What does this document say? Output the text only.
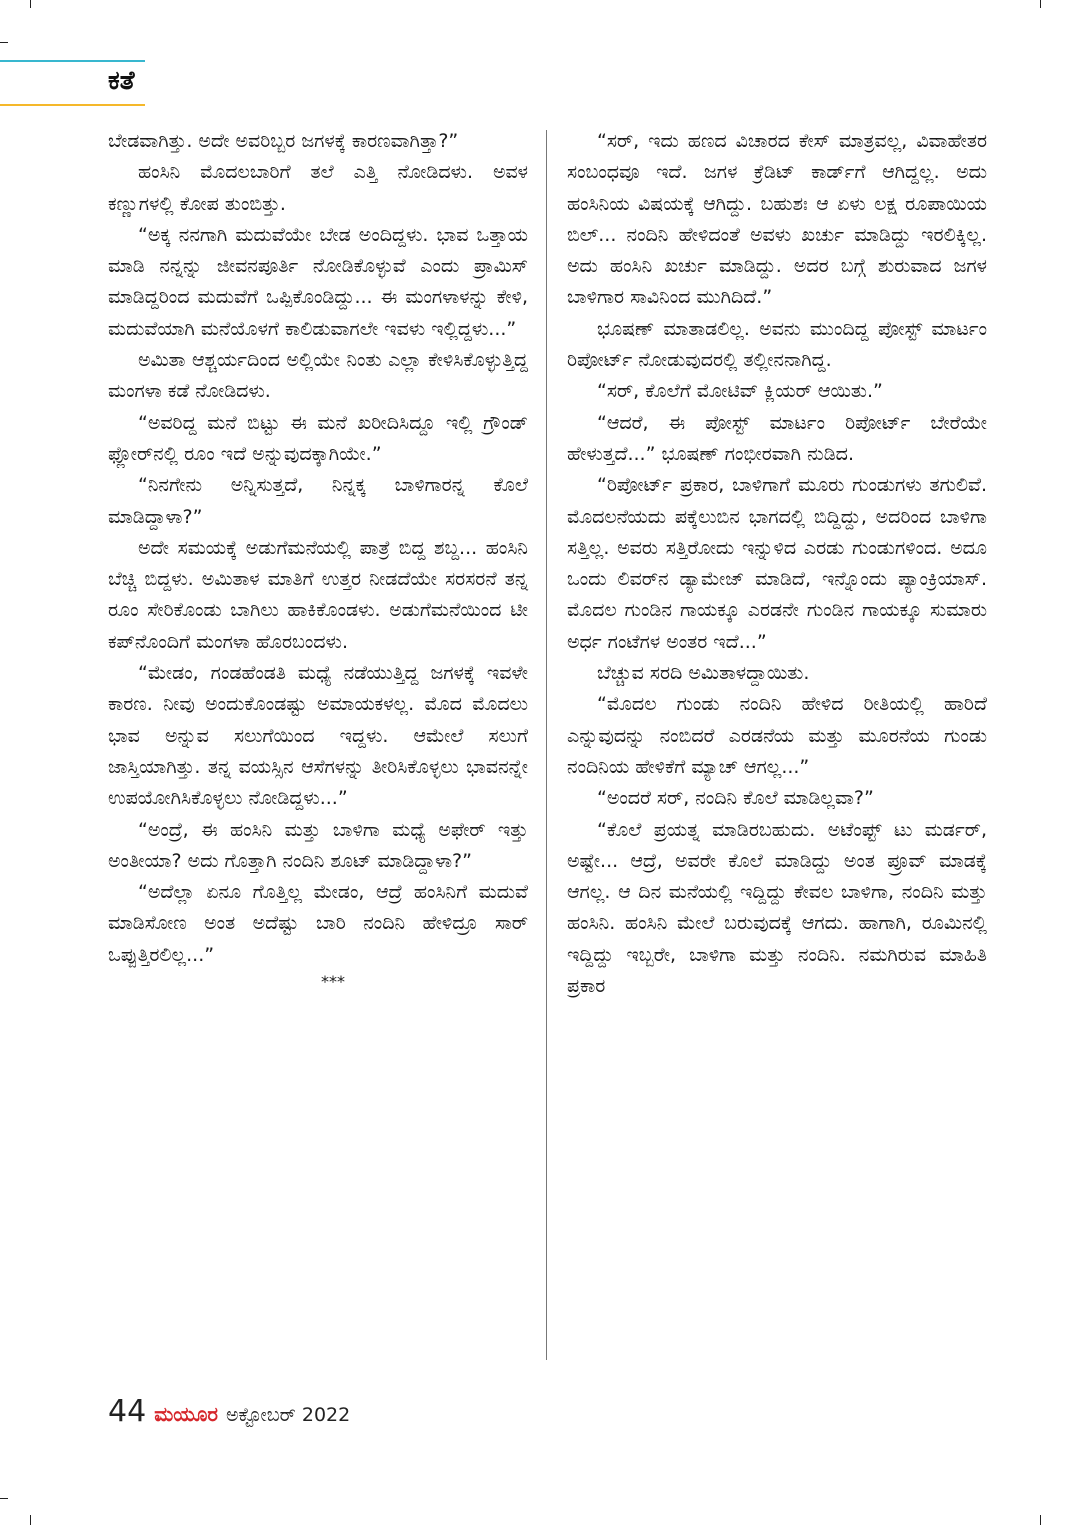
ಕತೆ

ಬೇಡವಾಗಿತ್ತು. ಅದೇ ಅವರಿಬ್ಬರ ಜಗಳಕ್ಕೆ ಕಾರಣವಾಗಿತ್ತಾ?”

ಹಂಸಿನಿ ಮೊದಲಬಾರಿಗೆ ತಲೆ ಎತ್ತಿ ನೋಡಿದಳು. ಅವಳ ಕಣ್ಣುಗಳಲ್ಲಿ ಕೋಪ ತುಂಬಿತ್ತು.

“ಅಕ್ಕ ನನಗಾಗಿ ಮದುವೆಯೇ ಬೇಡ ಅಂದಿದ್ದಳು. ಭಾವ ಒತ್ತಾಯ ಮಾಡಿ ನನ್ನನ್ನು ಜೀವನಪೂರ್ತಿ ನೋಡಿಕೊಳ್ಳುವೆ ಎಂದು ಪ್ರಾಮಿಸ್ ಮಾಡಿದ್ದರಿಂದ ಮದುವೆಗೆ ಒಪ್ಪಿಕೊಂಡಿದ್ದು... ಈ ಮಂಗಳಾಳನ್ನು ಕೇಳಿ, ಮದುವೆಯಾಗಿ ಮನೆಯೊಳಗೆ ಕಾಲಿಡುವಾಗಲೇ ಇವಳು ಇಲ್ಲಿದ್ದಳು...”

ಅಮಿತಾ ಆಶ್ಚರ್ಯದಿಂದ ಅಲ್ಲಿಯೇ ನಿಂತು ಎಲ್ಲಾ ಕೇಳಿಸಿಕೊಳ್ಳುತ್ತಿದ್ದ ಮಂಗಳಾ ಕಡೆ ನೋಡಿದಳು.

“ಅವರಿದ್ದ ಮನೆ ಬಿಟ್ಟು ಈ ಮನೆ ಖರೀದಿಸಿದ್ದೂ ಇಲ್ಲಿ ಗ್ರೌಂಡ್ ಫ್ಲೋರ್‌ನಲ್ಲಿ ರೂಂ ಇದೆ ಅನ್ನುವುದಕ್ಕಾಗಿಯೇ.”

“ನಿನಗೇನು ಅನ್ನಿಸುತ್ತದೆ, ನಿನ್ನಕ್ಕ ಬಾಳಿಗಾರನ್ನ ಕೊಲೆ ಮಾಡಿದ್ದಾಳಾ?”

ಅದೇ ಸಮಯಕ್ಕೆ ಅಡುಗೆಮನೆಯಲ್ಲಿ ಪಾತ್ರೆ ಬಿದ್ದ ಶಬ್ದ... ಹಂಸಿನಿ ಬೆಚ್ಚಿ ಬಿದ್ದಳು. ಅಮಿತಾಳ ಮಾತಿಗೆ ಉತ್ತರ ನೀಡದೆಯೇ ಸರಸರನೆ ತನ್ನ ರೂಂ ಸೇರಿಕೊಂಡು ಬಾಗಿಲು ಹಾಕಿಕೊಂಡಳು. ಅಡುಗೆಮನೆಯಿಂದ ಟೀ ಕಪ್‌ನೊಂದಿಗೆ ಮಂಗಳಾ ಹೊರಬಂದಳು.

“ಮೇಡಂ, ಗಂಡಹೆಂಡತಿ ಮಧ್ಯೆ ನಡೆಯುತ್ತಿದ್ದ ಜಗಳಕ್ಕೆ ಇವಳೇ ಕಾರಣ. ನೀವು ಅಂದುಕೊಂಡಷ್ಟು ಅಮಾಯಕಳಲ್ಲ. ಮೊದ ಮೊದಲು ಭಾವ ಅನ್ನುವ ಸಲುಗೆಯಿಂದ ಇದ್ದಳು. ಆಮೇಲೆ ಸಲುಗೆ ಜಾಸ್ತಿಯಾಗಿತ್ತು. ತನ್ನ ವಯಸ್ಸಿನ ಆಸೆಗಳನ್ನು ತೀರಿಸಿಕೊಳ್ಳಲು ಭಾವನನ್ನೇ ಉಪಯೋಗಿಸಿಕೊಳ್ಳಲು ನೋಡಿದ್ದಳು...”

“ಅಂದ್ರೆ, ಈ ಹಂಸಿನಿ ಮತ್ತು ಬಾಳಿಗಾ ಮಧ್ಯೆ ಅಫೇರ್ ಇತ್ತು ಅಂತೀಯಾ? ಅದು ಗೊತ್ತಾಗಿ ನಂದಿನಿ ಶೂಟ್ ಮಾಡಿದ್ದಾಳಾ?”

“ಅದೆಲ್ಲಾ ಏನೂ ಗೊತ್ತಿಲ್ಲ ಮೇಡಂ, ಆದ್ರೆ ಹಂಸಿನಿಗೆ ಮದುವೆ ಮಾಡಿಸೋಣ ಅಂತ ಅದೆಷ್ಟು ಬಾರಿ ನಂದಿನಿ ಹೇಳಿದ್ರೂ ಸಾರ್ ಒಪ್ಪುತ್ತಿರಲಿಲ್ಲ...”

***

“ಸರ್, ಇದು ಹಣದ ವಿಚಾರದ ಕೇಸ್ ಮಾತ್ರವಲ್ಲ, ವಿವಾಹೇತರ ಸಂಬಂಧವೂ ಇದೆ. ಜಗಳ ಕ್ರೆಡಿಟ್ ಕಾರ್ಡ್‌ಗೆ ಆಗಿದ್ದಲ್ಲ. ಅದು ಹಂಸಿನಿಯ ವಿಷಯಕ್ಕೆ ಆಗಿದ್ದು. ಬಹುಶಃ ಆ ಏಳು ಲಕ್ಷ ರೂಪಾಯಿಯ ಬಿಲ್... ನಂದಿನಿ ಹೇಳಿದಂತೆ ಅವಳು ಖರ್ಚು ಮಾಡಿದ್ದು ಇರಲಿಕ್ಕಿಲ್ಲ. ಅದು ಹಂಸಿನಿ ಖರ್ಚು ಮಾಡಿದ್ದು. ಅದರ ಬಗ್ಗೆ ಶುರುವಾದ ಜಗಳ ಬಾಳಿಗಾರ ಸಾವಿನಿಂದ ಮುಗಿದಿದೆ.”

ಭೂಷಣ್ ಮಾತಾಡಲಿಲ್ಲ. ಅವನು ಮುಂದಿದ್ದ ಪೋಸ್ಟ್ ಮಾರ್ಟಂ ರಿಪೋರ್ಟ್ ನೋಡುವುದರಲ್ಲಿ ತಲ್ಲೀನನಾಗಿದ್ದ.

“ಸರ್, ಕೊಲೆಗೆ ಮೋಟಿವ್ ಕ್ಲಿಯರ್ ಆಯಿತು.”

“ಆದರೆ, ಈ ಪೋಸ್ಟ್ ಮಾರ್ಟಂ ರಿಪೋರ್ಟ್ ಬೇರೆಯೇ ಹೇಳುತ್ತದೆ...” ಭೂಷಣ್ ಗಂಭೀರವಾಗಿ ನುಡಿದ.

“ರಿಪೋರ್ಟ್ ಪ್ರಕಾರ, ಬಾಳಿಗಾಗೆ ಮೂರು ಗುಂಡುಗಳು ತಗುಲಿವೆ. ಮೊದಲನೆಯದು ಪಕ್ಕೆಲುಬಿನ ಭಾಗದಲ್ಲಿ ಬಿದ್ದಿದ್ದು, ಅದರಿಂದ ಬಾಳಿಗಾ ಸತ್ತಿಲ್ಲ. ಅವರು ಸತ್ತಿರೋದು ಇನ್ನುಳಿದ ಎರಡು ಗುಂಡುಗಳಿಂದ. ಅದೂ ಒಂದು ಲಿವರ್‌ನ ಡ್ಯಾಮೇಜ್ ಮಾಡಿದೆ, ಇನ್ನೊಂದು ಪ್ಯಾಂಕ್ರಿಯಾಸ್. ಮೊದಲ ಗುಂಡಿನ ಗಾಯಕ್ಕೂ ಎರಡನೇ ಗುಂಡಿನ ಗಾಯಕ್ಕೂ ಸುಮಾರು ಅರ್ಧ ಗಂಟೆಗಳ ಅಂತರ ಇದೆ...”

ಬೆಚ್ಚುವ ಸರದಿ ಅಮಿತಾಳದ್ದಾಯಿತು.

“ಮೊದಲ ಗುಂಡು ನಂದಿನಿ ಹೇಳಿದ ರೀತಿಯಲ್ಲಿ ಹಾರಿದೆ ಎನ್ನುವುದನ್ನು ನಂಬಿದರೆ ಎರಡನೆಯ ಮತ್ತು ಮೂರನೆಯ ಗುಂಡು ನಂದಿನಿಯ ಹೇಳಿಕೆಗೆ ಮ್ಯಾಚ್ ಆಗಲ್ಲ...”

“ಅಂದರೆ ಸರ್, ನಂದಿನಿ ಕೊಲೆ ಮಾಡಿಲ್ಲವಾ?”

“ಕೊಲೆ ಪ್ರಯತ್ನ ಮಾಡಿರಬಹುದು. ಅಟೆಂಪ್ಟ್ ಟು ಮರ್ಡರ್, ಅಷ್ಟೇ... ಆದ್ರೆ, ಅವರೇ ಕೊಲೆ ಮಾಡಿದ್ದು ಅಂತ ಪ್ರೂವ್ ಮಾಡಕ್ಕೆ ಆಗಲ್ಲ. ಆ ದಿನ ಮನೆಯಲ್ಲಿ ಇದ್ದಿದ್ದು ಕೇವಲ ಬಾಳಿಗಾ, ನಂದಿನಿ ಮತ್ತು ಹಂಸಿನಿ. ಹಂಸಿನಿ ಮೇಲೆ ಬರುವುದಕ್ಕೆ ಆಗದು. ಹಾಗಾಗಿ, ರೂಮಿನಲ್ಲಿ ಇದ್ದಿದ್ದು ಇಬ್ಬರೇ, ಬಾಳಿಗಾ ಮತ್ತು ನಂದಿನಿ. ನಮಗಿರುವ ಮಾಹಿತಿ ಪ್ರಕಾರ

44 ಮಯೂರ ಅಕ್ಟೋಬರ್ 2022
